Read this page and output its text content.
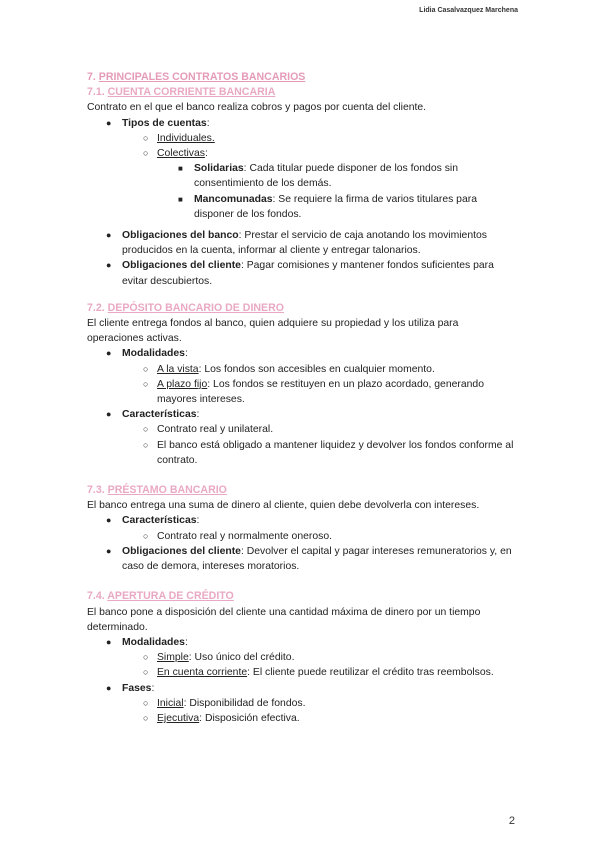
Lidia Casalvazquez Marchena
7. PRINCIPALES CONTRATOS BANCARIOS
7.1. CUENTA CORRIENTE BANCARIA
Contrato en el que el banco realiza cobros y pagos por cuenta del cliente.
● Tipos de cuentas:
○ Individuales.
○ Colectivas:
■ Solidarias: Cada titular puede disponer de los fondos sin consentimiento de los demás.
■ Mancomunadas: Se requiere la firma de varios titulares para disponer de los fondos.
● Obligaciones del banco: Prestar el servicio de caja anotando los movimientos producidos en la cuenta, informar al cliente y entregar talonarios.
● Obligaciones del cliente: Pagar comisiones y mantener fondos suficientes para evitar descubiertos.
7.2. DEPÓSITO BANCARIO DE DINERO
El cliente entrega fondos al banco, quien adquiere su propiedad y los utiliza para operaciones activas.
● Modalidades:
○ A la vista: Los fondos son accesibles en cualquier momento.
○ A plazo fijo: Los fondos se restituyen en un plazo acordado, generando mayores intereses.
● Características:
○ Contrato real y unilateral.
○ El banco está obligado a mantener liquidez y devolver los fondos conforme al contrato.
7.3. PRÉSTAMO BANCARIO
El banco entrega una suma de dinero al cliente, quien debe devolverla con intereses.
● Características:
○ Contrato real y normalmente oneroso.
● Obligaciones del cliente: Devolver el capital y pagar intereses remuneratorios y, en caso de demora, intereses moratorios.
7.4. APERTURA DE CRÉDITO
El banco pone a disposición del cliente una cantidad máxima de dinero por un tiempo determinado.
● Modalidades:
○ Simple: Uso único del crédito.
○ En cuenta corriente: El cliente puede reutilizar el crédito tras reembolsos.
● Fases:
○ Inicial: Disponibilidad de fondos.
○ Ejecutiva: Disposición efectiva.
2
